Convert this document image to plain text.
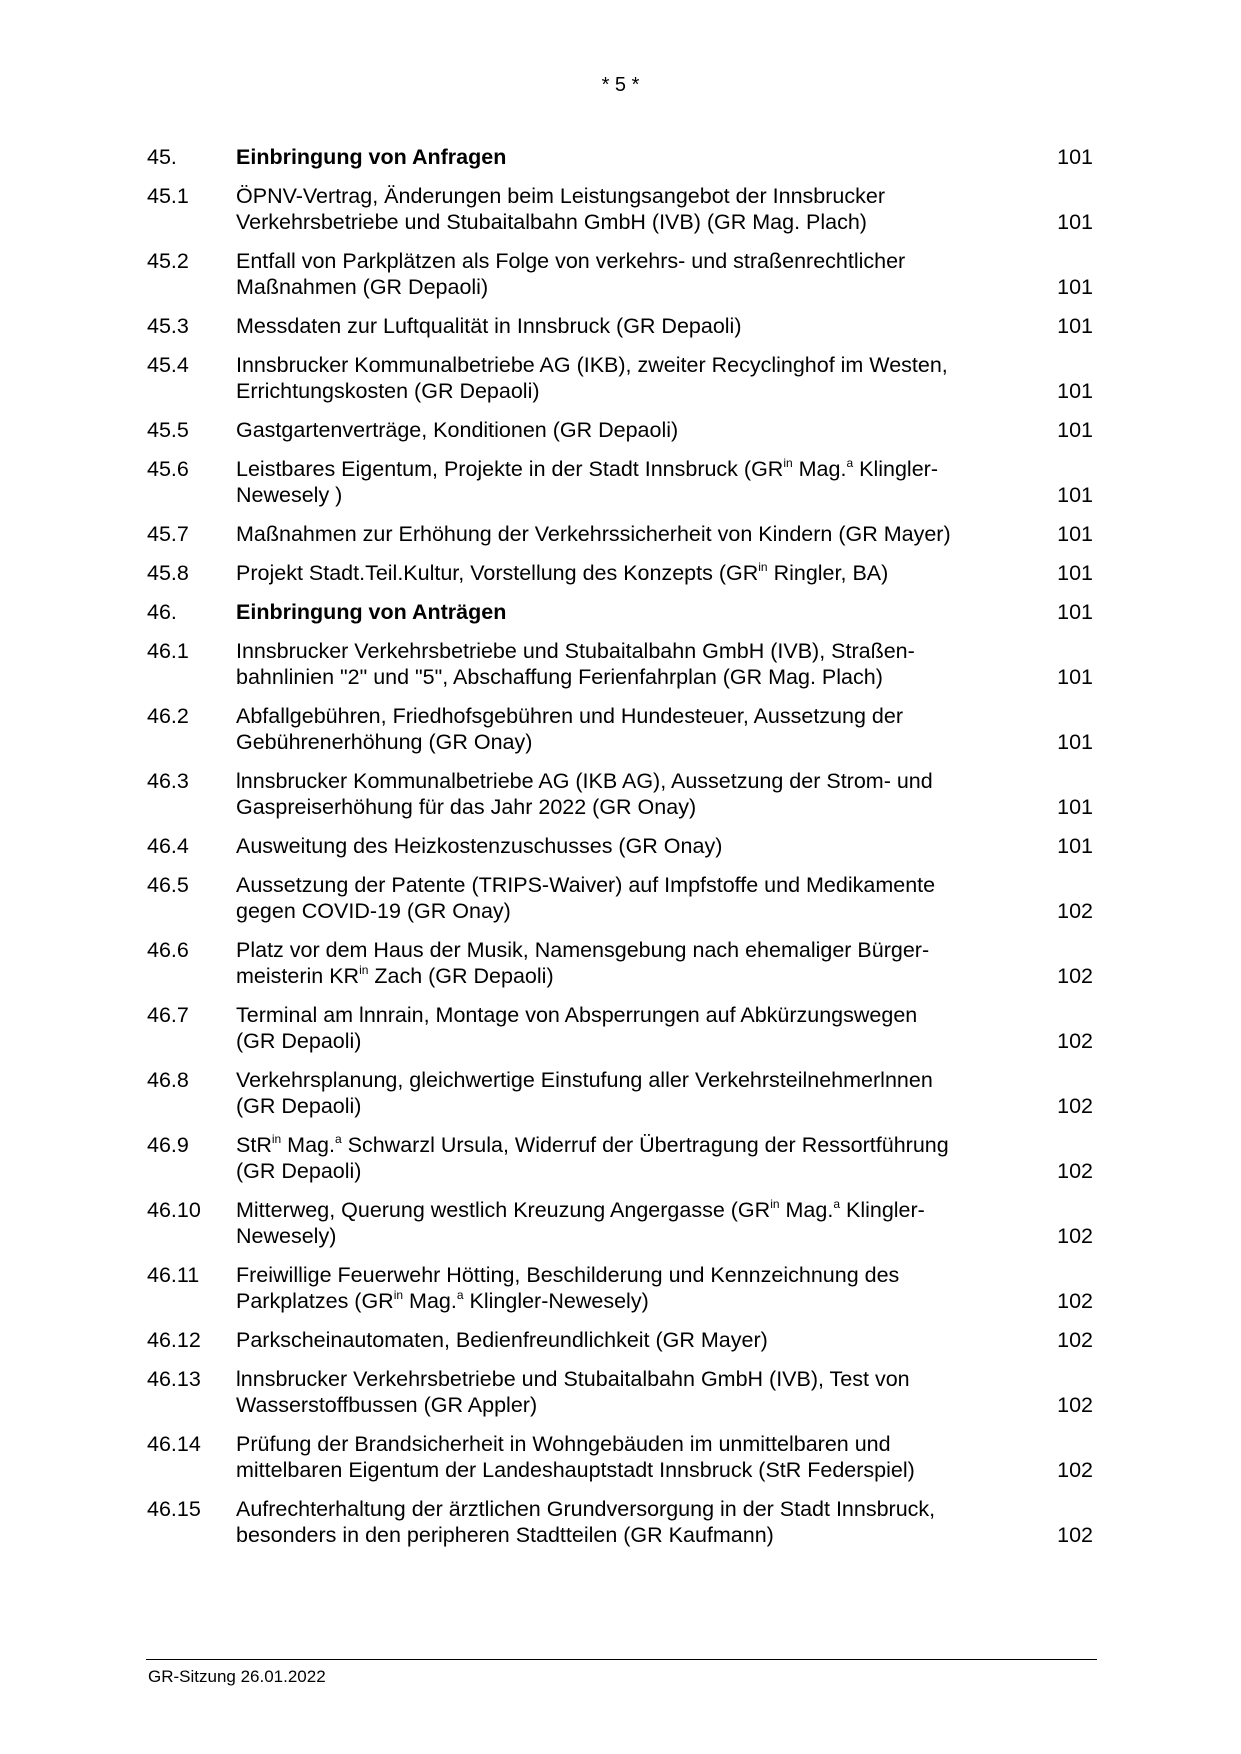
* 5 *
45.	Einbringung von Anfragen	101
45.1	ÖPNV-Vertrag, Änderungen beim Leistungsangebot der Innsbrucker
Verkehrsbetriebe und Stubaitalbahn GmbH (IVB) (GR Mag. Plach)	101
45.2	Entfall von Parkplätzen als Folge von verkehrs- und straßenrechtlicher
Maßnahmen (GR Depaoli)	101
45.3	Messdaten zur Luftqualität in Innsbruck (GR Depaoli)	101
45.4	Innsbrucker Kommunalbetriebe AG (IKB), zweiter Recyclinghof im Westen,
Errichtungskosten (GR Depaoli)	101
45.5	Gastgartenverträge, Konditionen (GR Depaoli)	101
45.6	Leistbares Eigentum, Projekte in der Stadt Innsbruck ($GR^{in}$ Mag.$^a$ Klingler-
Newesely )	101
45.7	Maßnahmen zur Erhöhung der Verkehrssicherheit von Kindern (GR Mayer)	101
45.8	Projekt Stadt.Teil.Kultur, Vorstellung des Konzepts ($GR^{in}$ Ringler, BA)	101
46.	Einbringung von Anträgen	101
46.1	Innsbrucker Verkehrsbetriebe und Stubaitalbahn GmbH (IVB), Straßen-
bahnlinien "2" und "5", Abschaffung Ferienfahrplan (GR Mag. Plach)	101
46.2	Abfallgebühren, Friedhofsgebühren und Hundesteuer, Aussetzung der
Gebührenerhöhung (GR Onay)	101
46.3	lnnsbrucker Kommunalbetriebe AG (IKB AG), Aussetzung der Strom- und
Gaspreiserhöhung für das Jahr 2022 (GR Onay)	101
46.4	Ausweitung des Heizkostenzuschusses (GR Onay)	101
46.5	Aussetzung der Patente (TRIPS-Waiver) auf Impfstoffe und Medikamente
gegen COVID-19 (GR Onay)	102
46.6	Platz vor dem Haus der Musik, Namensgebung nach ehemaliger Bürger-
meisterin $KR^{in}$ Zach (GR Depaoli)	102
46.7	Terminal am lnnrain, Montage von Absperrungen auf Abkürzungswegen
(GR Depaoli)	102
46.8	Verkehrsplanung, gleichwertige Einstufung aller Verkehrsteilnehmerlnnen
(GR Depaoli)	102
46.9	StR$^{in}$ Mag.$^a$ Schwarzl Ursula, Widerruf der Übertragung der Ressortführung
(GR Depaoli)	102
46.10	Mitterweg, Querung westlich Kreuzung Angergasse ($GR^{in}$ Mag.$^a$ Klingler-
Newesely)	102
46.11	Freiwillige Feuerwehr Hötting, Beschilderung und Kennzeichnung des
Parkplatzes ($GR^{in}$ Mag.$^a$ Klingler-Newesely)	102
46.12	Parkscheinautomaten, Bedienfreundlichkeit (GR Mayer)	102
46.13	lnnsbrucker Verkehrsbetriebe und Stubaitalbahn GmbH (IVB), Test von
Wasserstoffbussen (GR Appler)	102
46.14	Prüfung der Brandsicherheit in Wohngebäuden im unmittelbaren und
mittelbaren Eigentum der Landeshauptstadt Innsbruck (StR Federspiel)	102
46.15	Aufrechterhaltung der ärztlichen Grundversorgung in der Stadt Innsbruck,
besonders in den peripheren Stadtteilen (GR Kaufmann)	102
GR-Sitzung 26.01.2022
